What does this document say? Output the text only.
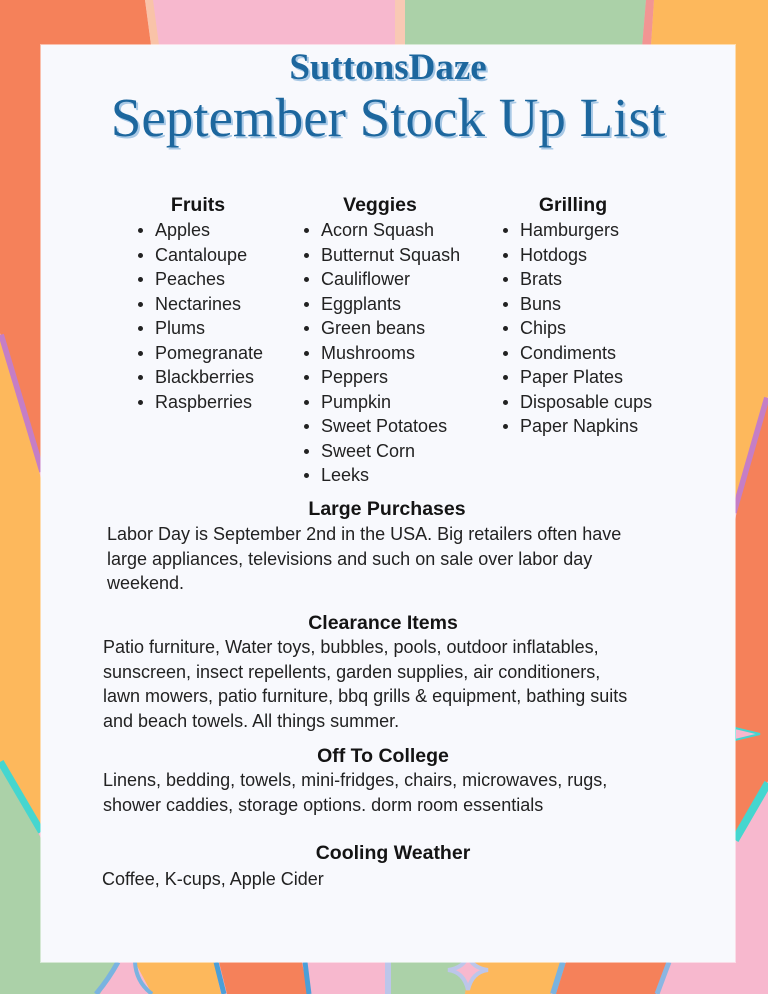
SuttonsDaze
September Stock Up List
Fruits
Apples
Cantaloupe
Peaches
Nectarines
Plums
Pomegranate
Blackberries
Raspberries
Veggies
Acorn Squash
Butternut Squash
Cauliflower
Eggplants
Green beans
Mushrooms
Peppers
Pumpkin
Sweet Potatoes
Sweet Corn
Leeks
Grilling
Hamburgers
Hotdogs
Brats
Buns
Chips
Condiments
Paper Plates
Disposable cups
Paper Napkins
Large Purchases
Labor Day is September 2nd in the USA. Big retailers often have
large appliances, televisions and such on sale over labor day
weekend.
Clearance Items
Patio furniture, Water toys, bubbles, pools, outdoor inflatables,
sunscreen, insect repellents, garden supplies, air conditioners,
lawn mowers, patio furniture, bbq grills & equipment, bathing suits
and beach towels. All things summer.
Off To College
Linens, bedding, towels, mini-fridges, chairs, microwaves, rugs,
shower caddies, storage options. dorm room essentials
Cooling Weather
Coffee, K-cups, Apple Cider
